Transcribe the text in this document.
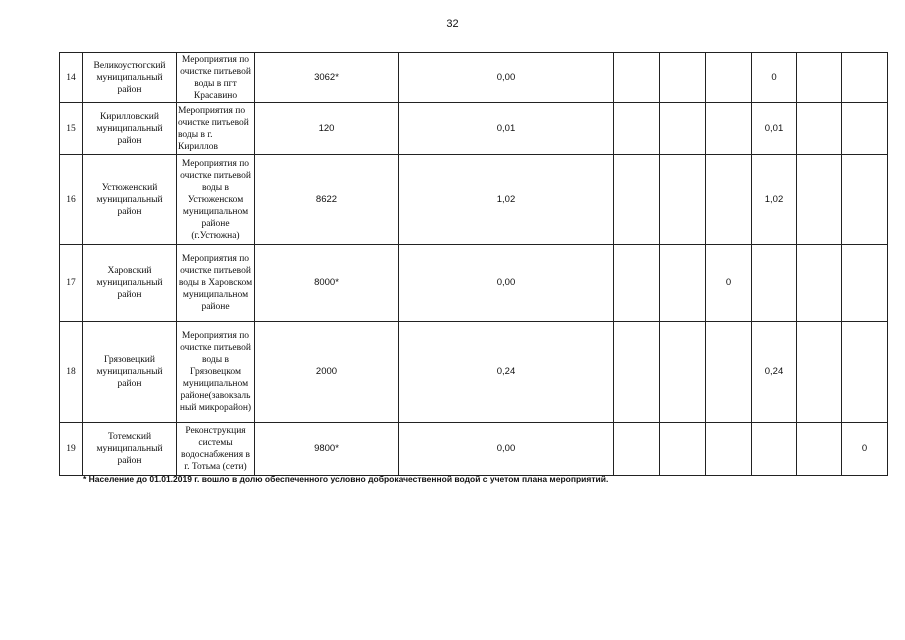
32
14	Великоустюгский муниципальный район	Мероприятия по очистке питьевой воды в пгт Красавино	3062*	0,00				0		
15	Кирилловский муниципальный район	Мероприятия по очистке питьевой воды в г. Кириллов	120	0,01				0,01		
16	Устюженский муниципальный район	Мероприятия по очистке питьевой воды в Устюженском муниципальном районе (г.Устюжна)	8622	1,02				1,02		
17	Харовский муниципальный район	Мероприятия по очистке питьевой воды в Харовском муниципальном районе	8000*	0,00			0			
18	Грязовецкий муниципальный район	Мероприятия по очистке питьевой воды в Грязовецком муниципальном районе(завокзаль ный микрорайон)	2000	0,24				0,24		
19	Тотемский муниципальный район	Реконструкция системы водоснабжения в г. Тотьма (сети)	9800*	0,00						0
* Население до 01.01.2019 г. вошло в долю обеспеченного условно доброкачественной водой с учетом плана мероприятий.
